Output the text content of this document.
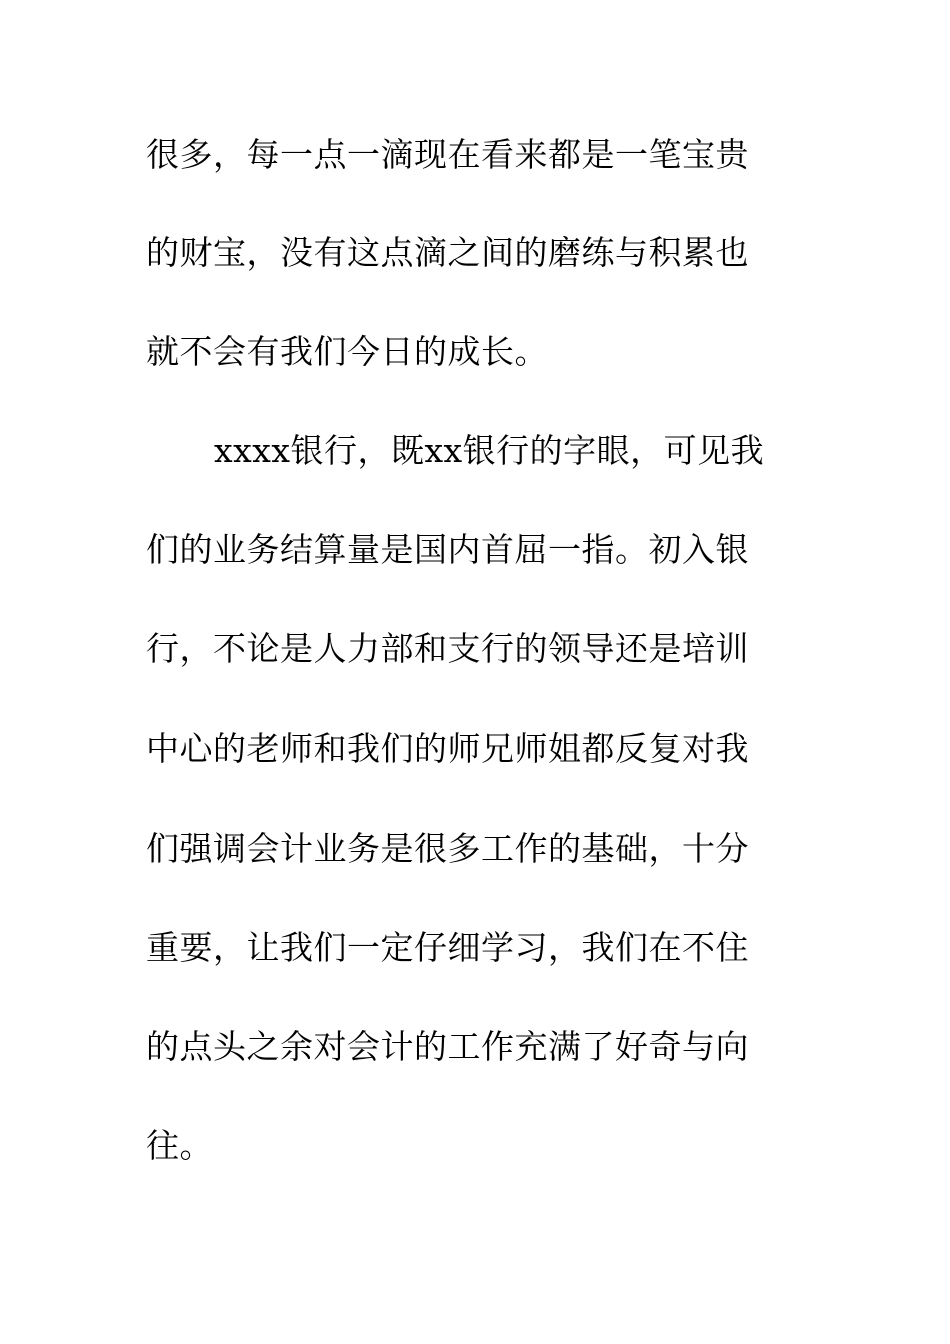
很多，每一点一滴现在看来都是一笔宝贵
的财宝，没有这点滴之间的磨练与积累也
就不会有我们今日的成长。
xxxx银行，既xx银行的字眼，可见我
们的业务结算量是国内首屈一指。初入银
行，不论是人力部和支行的领导还是培训
中心的老师和我们的师兄师姐都反复对我
们强调会计业务是很多工作的基础，十分
重要，让我们一定仔细学习，我们在不住
的点头之余对会计的工作充满了好奇与向
往。
